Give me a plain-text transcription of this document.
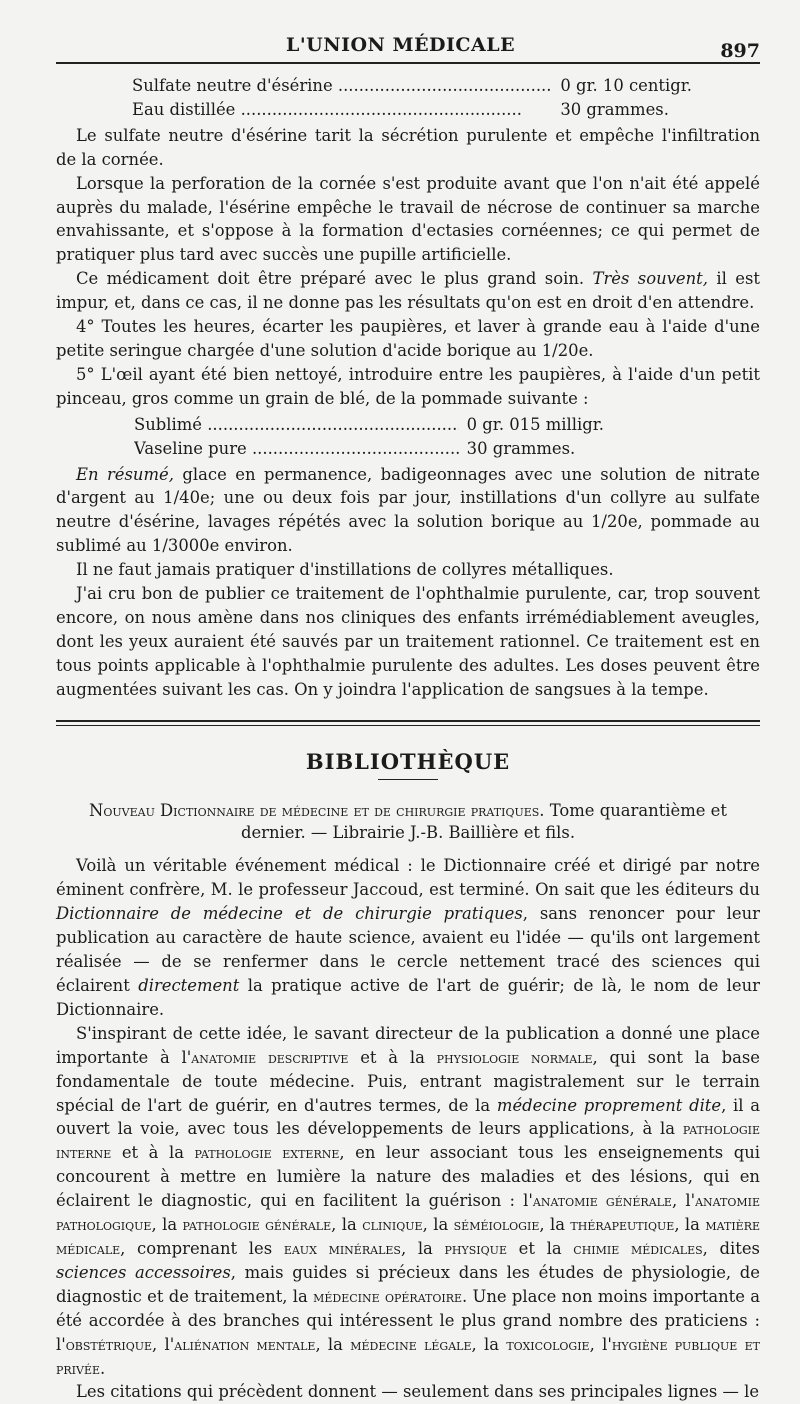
L'UNION MÉDICALE	897
Sulfate neutre d'ésérine .....	0 gr. 10 centigr.
Eau distillée .....	30 grammes.

Le sulfate neutre d'ésérine tarit la sécrétion purulente et empêche l'infiltration de la cornée.

Lorsque la perforation de la cornée s'est produite avant que l'on n'ait été appelé auprès du malade, l'ésérine empêche le travail de nécrose de continuer sa marche envahissante, et s'oppose à la formation d'ectasies cornéennes; ce qui permet de pratiquer plus tard avec succès une pupille artificielle.

Ce médicament doit être préparé avec le plus grand soin. Très souvent, il est impur, et, dans ce cas, il ne donne pas les résultats qu'on est en droit d'en attendre.

4° Toutes les heures, écarter les paupières, et laver à grande eau à l'aide d'une petite seringue chargée d'une solution d'acide borique au 1/20e.

5° L'œil ayant été bien nettoyé, introduire entre les paupières, à l'aide d'un petit pinceau, gros comme un grain de blé, de la pommade suivante :

Sublimé .....	0 gr. 015 milligr.
Vaseline pure .....	30 grammes.

En résumé, glace en permanence, badigeonnages avec une solution de nitrate d'argent au 1/40e; une ou deux fois par jour, instillations d'un collyre au sulfate neutre d'ésérine, lavages répétés avec la solution borique au 1/20e, pommade au sublimé au 1/3000e environ.

Il ne faut jamais pratiquer d'instillations de collyres métalliques.

J'ai cru bon de publier ce traitement de l'ophthalmie purulente, car, trop souvent encore, on nous amène dans nos cliniques des enfants irrémédiablement aveugles, dont les yeux auraient été sauvés par un traitement rationnel. Ce traitement est en tous points applicable à l'ophthalmie purulente des adultes. Les doses peuvent être augmentées suivant les cas. On y joindra l'application de sangsues à la tempe.

BIBLIOTHÈQUE
Nouveau Dictionnaire de médecine et de chirurgie pratiques. Tome quarantième et dernier. — Librairie J.-B. Baillière et fils.

Voilà un véritable événement médical : le Dictionnaire créé et dirigé par notre éminent confrère, M. le professeur Jaccoud, est terminé. On sait que les éditeurs du Dictionnaire de médecine et de chirurgie pratiques, sans renoncer pour leur publication au caractère de haute science, avaient eu l'idée — qu'ils ont largement réalisée — de se renfermer dans le cercle nettement tracé des sciences qui éclairent directement la pratique active de l'art de guérir; de là, le nom de leur Dictionnaire.

S'inspirant de cette idée, le savant directeur de la publication a donné une place importante à l'anatomie descriptive et à la physiologie normale, qui sont la base fondamentale de toute médecine. Puis, entrant magistralement sur le terrain spécial de l'art de guérir, en d'autres termes, de la médecine proprement dite, il a ouvert la voie, avec tous les développements de leurs applications, à la pathologie interne et à la pathologie externe, en leur associant tous les enseignements qui concourent à mettre en lumière la nature des maladies et des lésions, qui en éclairent le diagnostic, qui en facilitent la guérison : l'anatomie générale, l'anatomie pathologique, la pathologie générale, la clinique, la séméiologie, la thérapeutique, la matière médicale, comprenant les eaux minérales, la physique et la chimie médicales, dites sciences accessoires, mais guides si précieux dans les études de physiologie, de diagnostic et de traitement, la médecine opératoire. Une place non moins importante a été accordée à des branches qui intéressent le plus grand nombre des praticiens : l'obstétrique, l'aliénation mentale, la médecine légale, la toxicologie, l'hygiène publique et privée.

Les citations qui précèdent donnent — seulement dans ses principales lignes — le
